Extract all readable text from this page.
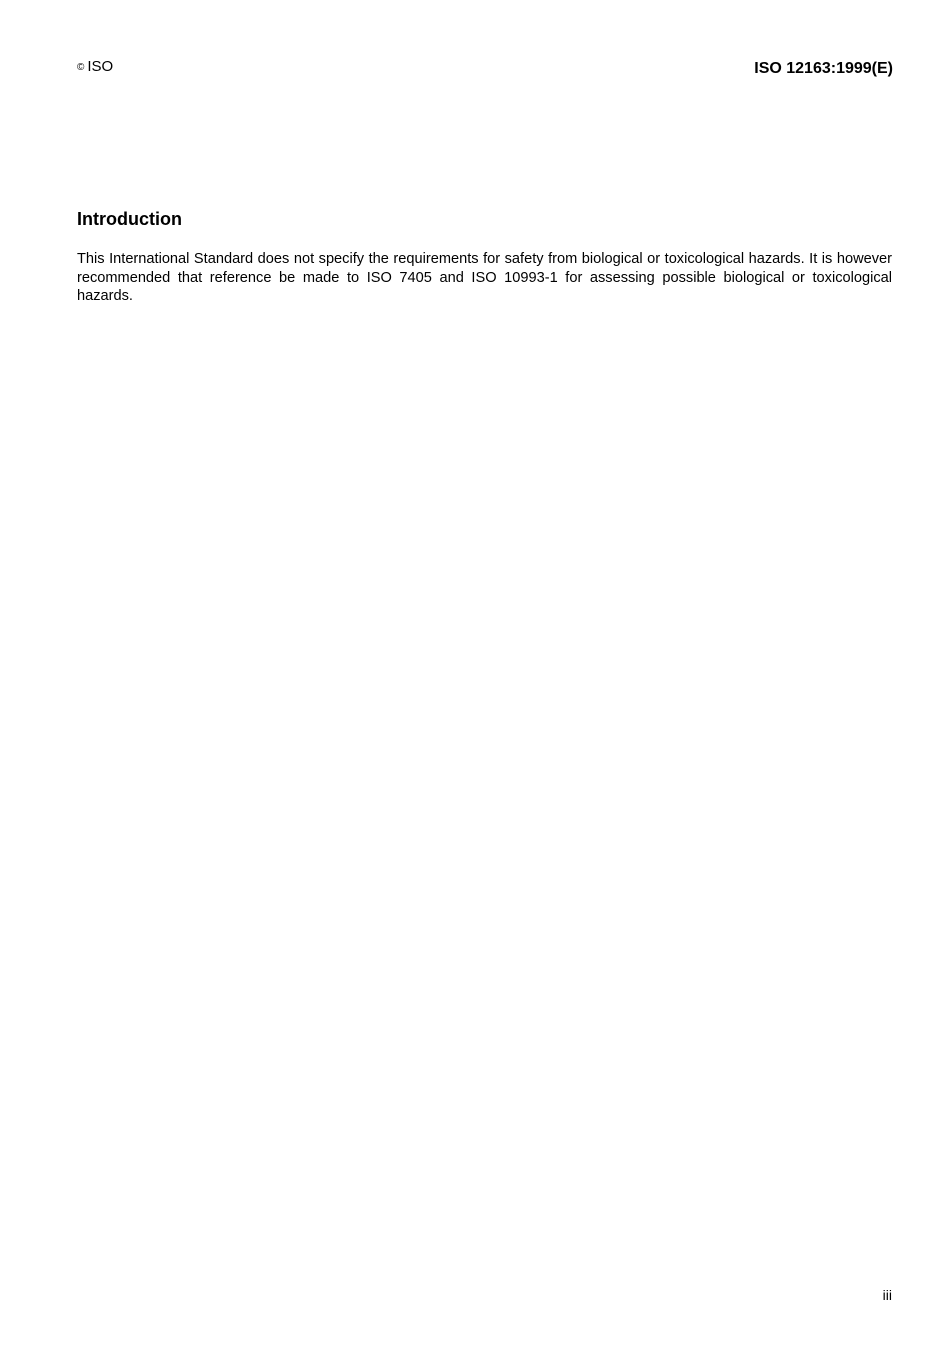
© ISO	ISO 12163:1999(E)
Introduction

This International Standard does not specify the requirements for safety from biological or toxicological hazards. It is however recommended that reference be made to ISO 7405 and ISO 10993-1 for assessing possible biological or toxicological hazards.

iii
